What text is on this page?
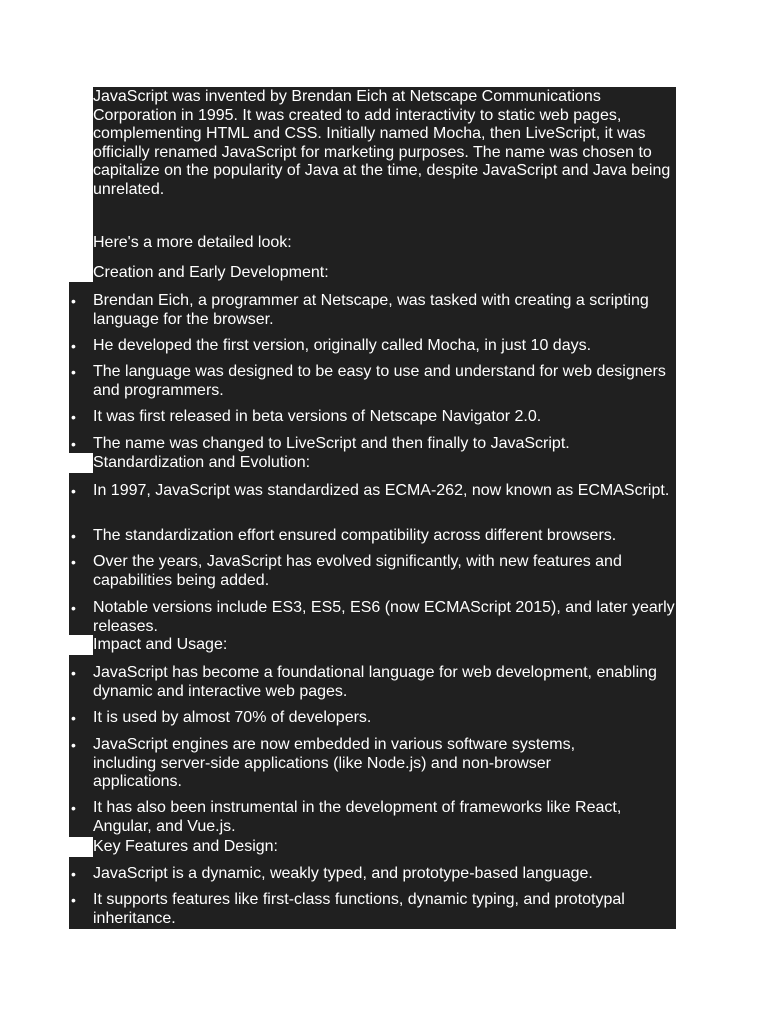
JavaScript was invented by Brendan Eich at Netscape Communications Corporation in 1995. It was created to add interactivity to static web pages, complementing HTML and CSS. Initially named Mocha, then LiveScript, it was officially renamed JavaScript for marketing purposes. The name was chosen to capitalize on the popularity of Java at the time, despite JavaScript and Java being unrelated.

Here's a more detailed look:

Creation and Early Development:

• Brendan Eich, a programmer at Netscape, was tasked with creating a scripting language for the browser.

• He developed the first version, originally called Mocha, in just 10 days.

• The language was designed to be easy to use and understand for web designers and programmers.

• It was first released in beta versions of Netscape Navigator 2.0.

• The name was changed to LiveScript and then finally to JavaScript.

Standardization and Evolution:

• In 1997, JavaScript was standardized as ECMA-262, now known as ECMAScript.

• The standardization effort ensured compatibility across different browsers.

• Over the years, JavaScript has evolved significantly, with new features and capabilities being added.

• Notable versions include ES3, ES5, ES6 (now ECMAScript 2015), and later yearly releases.

Impact and Usage:

• JavaScript has become a foundational language for web development, enabling dynamic and interactive web pages.

• It is used by almost 70% of developers.

• JavaScript engines are now embedded in various software systems, including server-side applications (like Node.js) and non-browser applications.

• It has also been instrumental in the development of frameworks like React, Angular, and Vue.js.

Key Features and Design:

• JavaScript is a dynamic, weakly typed, and prototype-based language.

• It supports features like first-class functions, dynamic typing, and prototypal inheritance.
